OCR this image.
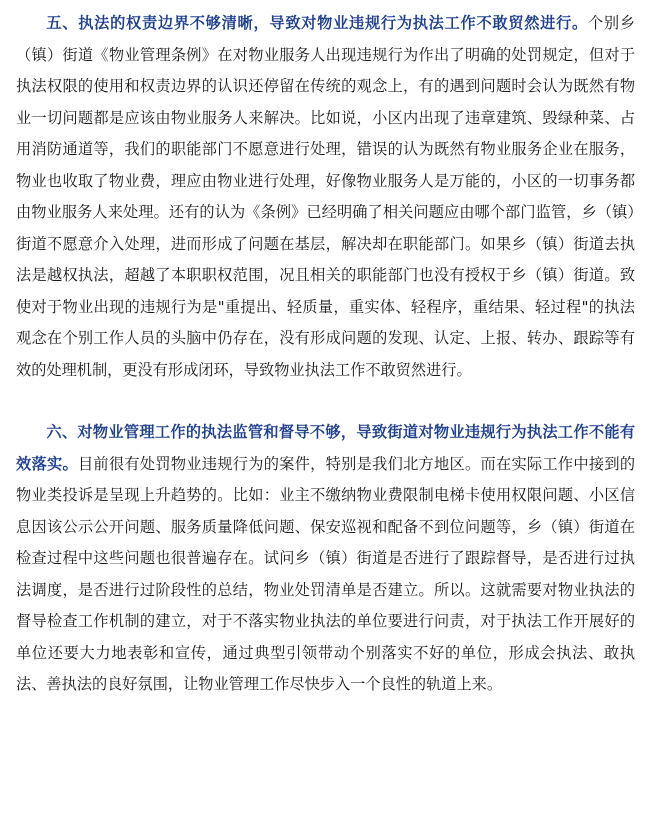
五、执法的权责边界不够清晰，导致对物业违规行为执法工作不敢贸然进行。个别乡（镇）街道《物业管理条例》在对物业服务人出现违规行为作出了明确的处罚规定，但对于执法权限的使用和权责边界的认识还停留在传统的观念上，有的遇到问题时会认为既然有物业一切问题都是应该由物业服务人来解决。比如说，小区内出现了违章建筑、毁绿种菜、占用消防通道等，我们的职能部门不愿意进行处理，错误的认为既然有物业服务企业在服务，物业也收取了物业费，理应由物业进行处理，好像物业服务人是万能的，小区的一切事务都由物业服务人来处理。还有的认为《条例》已经明确了相关问题应由哪个部门监管，乡（镇）街道不愿意介入处理，进而形成了问题在基层，解决却在职能部门。如果乡（镇）街道去执法是越权执法，超越了本职职权范围，况且相关的职能部门也没有授权于乡（镇）街道。致使对于物业出现的违规行为是"重提出、轻质量，重实体、轻程序，重结果、轻过程"的执法观念在个别工作人员的头脑中仍存在，没有形成问题的发现、认定、上报、转办、跟踪等有效的处理机制，更没有形成闭环，导致物业执法工作不敢贸然进行。

六、对物业管理工作的执法监管和督导不够，导致街道对物业违规行为执法工作不能有效落实。目前很有处罚物业违规行为的案件，特别是我们北方地区。而在实际工作中接到的物业类投诉是呈现上升趋势的。比如：业主不缴纳物业费限制电梯卡使用权限问题、小区信息因该公示公开问题、服务质量降低问题、保安巡视和配备不到位问题等，乡（镇）街道在检查过程中这些问题也很普遍存在。试问乡（镇）街道是否进行了跟踪督导，是否进行过执法调度，是否进行过阶段性的总结，物业处罚清单是否建立。所以。这就需要对物业执法的督导检查工作机制的建立，对于不落实物业执法的单位要进行问责，对于执法工作开展好的单位还要大力地表彰和宣传，通过典型引领带动个别落实不好的单位，形成会执法、敢执法、善执法的良好氛围，让物业管理工作尽快步入一个良性的轨道上来。
